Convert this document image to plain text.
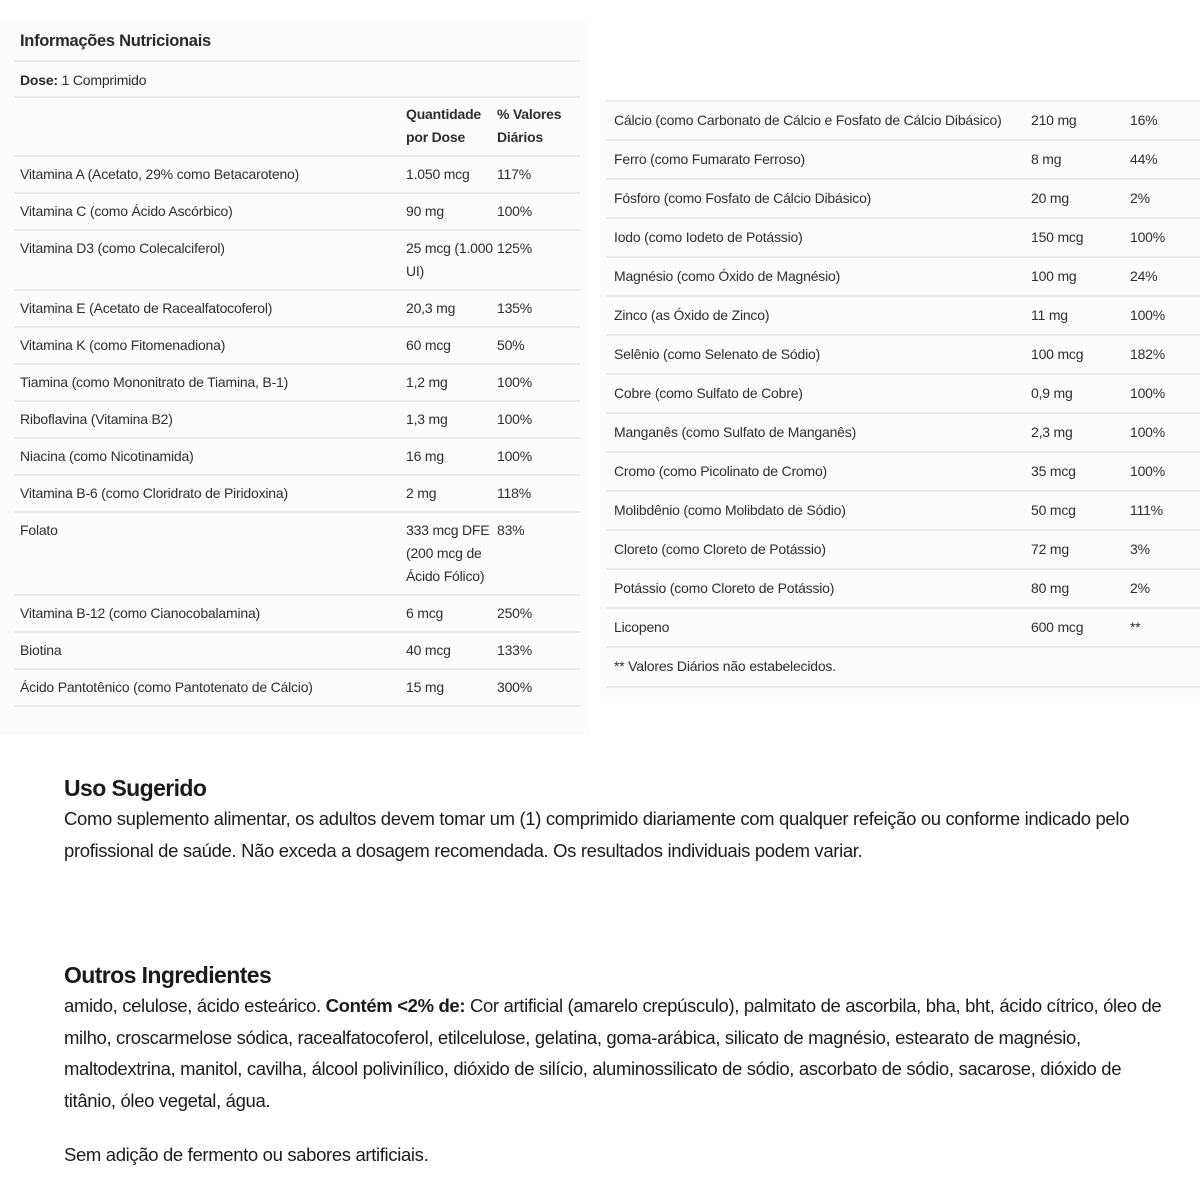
Informações Nutricionais
Dose: 1 Comprimido
	Quantidade por Dose	% Valores Diários
Vitamina A (Acetato, 29% como Betacaroteno)	1.050 mcg	117%
Vitamina C (como Ácido Ascórbico)	90 mg	100%
Vitamina D3 (como Colecalciferol)	25 mcg (1.000 UI)	125%
Vitamina E (Acetato de Racealfatocoferol)	20,3 mg	135%
Vitamina K (como Fitomenadiona)	60 mcg	50%
Tiamina (como Mononitrato de Tiamina, B-1)	1,2 mg	100%
Riboflavina (Vitamina B2)	1,3 mg	100%
Niacina (como Nicotinamida)	16 mg	100%
Vitamina B-6 (como Cloridrato de Piridoxina)	2 mg	118%
Folato	333 mcg DFE (200 mcg de Ácido Fólico)	83%
Vitamina B-12 (como Cianocobalamina)	6 mcg	250%
Biotina	40 mcg	133%
Ácido Pantotênico (como Pantotenato de Cálcio)	15 mg	300%
Cálcio (como Carbonato de Cálcio e Fosfato de Cálcio Dibásico)	210 mg	16%
Ferro (como Fumarato Ferroso)	8 mg	44%
Fósforo (como Fosfato de Cálcio Dibásico)	20 mg	2%
Iodo (como Iodeto de Potássio)	150 mcg	100%
Magnésio (como Óxido de Magnésio)	100 mg	24%
Zinco (as Óxido de Zinco)	11 mg	100%
Selênio (como Selenato de Sódio)	100 mcg	182%
Cobre (como Sulfato de Cobre)	0,9 mg	100%
Manganês (como Sulfato de Manganês)	2,3 mg	100%
Cromo (como Picolinato de Cromo)	35 mcg	100%
Molibdênio (como Molibdato de Sódio)	50 mcg	111%
Cloreto (como Cloreto de Potássio)	72 mg	3%
Potássio (como Cloreto de Potássio)	80 mg	2%
Licopeno	600 mcg	**
** Valores Diários não estabelecidos.		
Uso Sugerido

Como suplemento alimentar, os adultos devem tomar um (1) comprimido diariamente com qualquer refeição ou conforme indicado pelo profissional de saúde. Não exceda a dosagem recomendada. Os resultados individuais podem variar.

Outros Ingredientes

amido, celulose, ácido esteárico. Contém <2% de: Cor artificial (amarelo crepúsculo), palmitato de ascorbila, bha, bht, ácido cítrico, óleo de milho, croscarmelose sódica, racealfatocoferol, etilcelulose, gelatina, goma-arábica, silicato de magnésio, estearato de magnésio, maltodextrina, manitol, cavilha, álcool polivinílico, dióxido de silício, aluminossilicato de sódio, ascorbato de sódio, sacarose, dióxido de titânio, óleo vegetal, água.

Sem adição de fermento ou sabores artificiais.
